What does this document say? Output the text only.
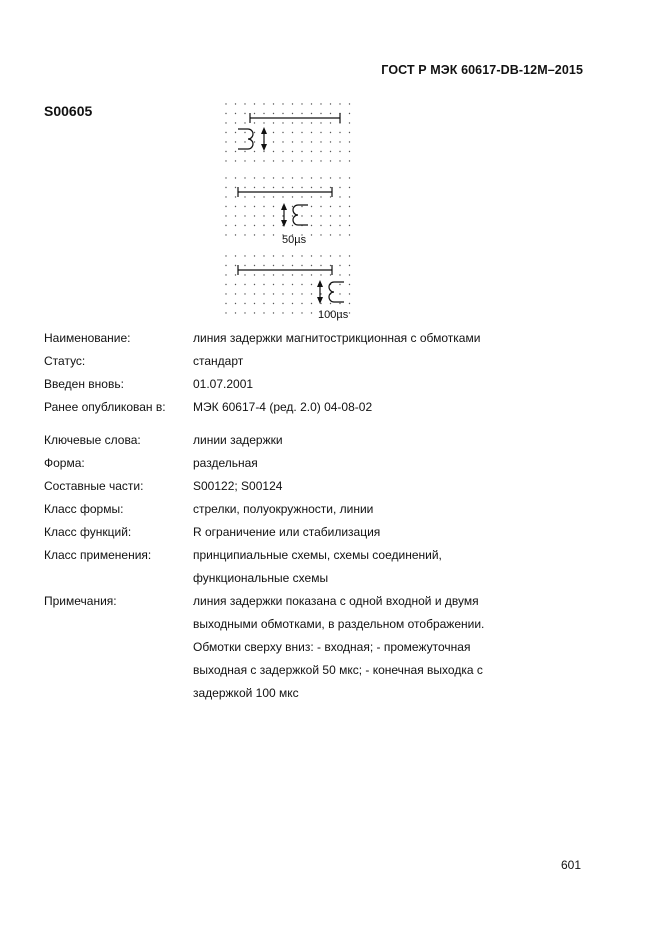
ГОСТ Р МЭК 60617-DB-12M–2015
S00605
50µs
100µs
Наименование:	линия задержки магнитострикционная с обмотками
Статус:	стандарт
Введен вновь:	01.07.2001
Ранее опубликован в: МЭК 60617-4 (ред. 2.0) 04-08-02
Ключевые слова:	линии задержки
Форма:	раздельная
Составные части:	S00122; S00124
Класс формы:	стрелки, полуокружности, линии
Класс функций:	R ограничение или стабилизация
Класс применения:	принципиальные схемы, схемы соединений,
функциональные схемы
Примечания:	линия задержки показана с одной входной и двумя
выходными обмотками, в раздельном отображении.
Обмотки сверху вниз: - входная; - промежуточная
выходная с задержкой 50 мкс; - конечная выходка с
задержкой 100 мкс
601
